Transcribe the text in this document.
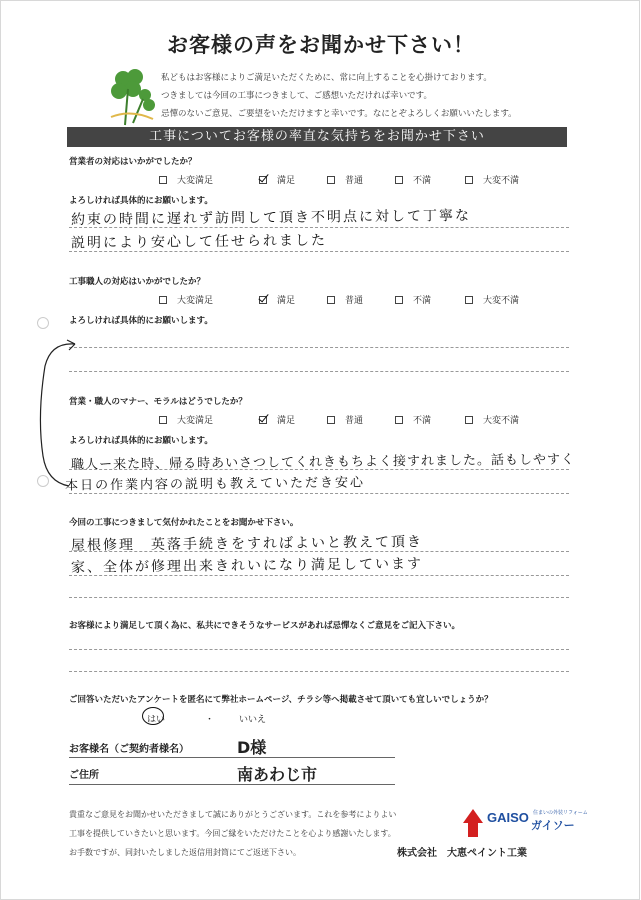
お客様の声をお聞かせ下さい！
私どもはお客様によりご満足いただくために、常に向上することを心掛けております。
つきましては今回の工事につきまして、ご感想いただければ幸いです。
忌憚のないご意見、ご要望をいただけますと幸いです。なにとぞよろしくお願いいたします。
工事についてお客様の率直な気持ちをお聞かせ下さい
営業者の対応はいかがでしたか？
大変満足	満足	普通	不満	大変不満
よろしければ具体的にお願いします。
約束の時間に遅れず訪問して頂き不明点に対して丁寧な
説明により安心して任せられました
工事職人の対応はいかがでしたか？
大変満足	満足	普通	不満	大変不満
よろしければ具体的にお願いします。
営業・職人のマナー、モラルはどうでしたか？
大変満足	満足	普通	不満	大変不満
よろしければ具体的にお願いします。
職人ー来た時、帰る時あいさつしてくれきもちよく接すれました。話もしやすく
本日の作業内容の説明も教えていただき安心
今回の工事につきまして気付かれたことをお聞かせ下さい。
屋根修理　英落手続きをすればよいと教えて頂き
家、全体が修理出来きれいになり満足しています
お客様により満足して頂く為に、私共にできそうなサービスがあれば忌憚なくご意見をご記入下さい。
ご回答いただいたアンケートを匿名にて弊社ホームページ、チラシ等へ掲載させて頂いても宜しいでしょうか？
はい	・	いいえ
お客様名（ご契約者様名）	D様
ご住所	南あわじ市
貴重なご意見をお聞かせいただきまして誠にありがとうございます。これを参考によりよい
工事を提供していきたいと思います。今回ご縁をいただけたことを心より感謝いたします。
お手数ですが、同封いたしました返信用封筒にてご返送下さい。
GAISO 住まいの外装リフォーム
ガイソー
株式会社　大恵ペイント工業
